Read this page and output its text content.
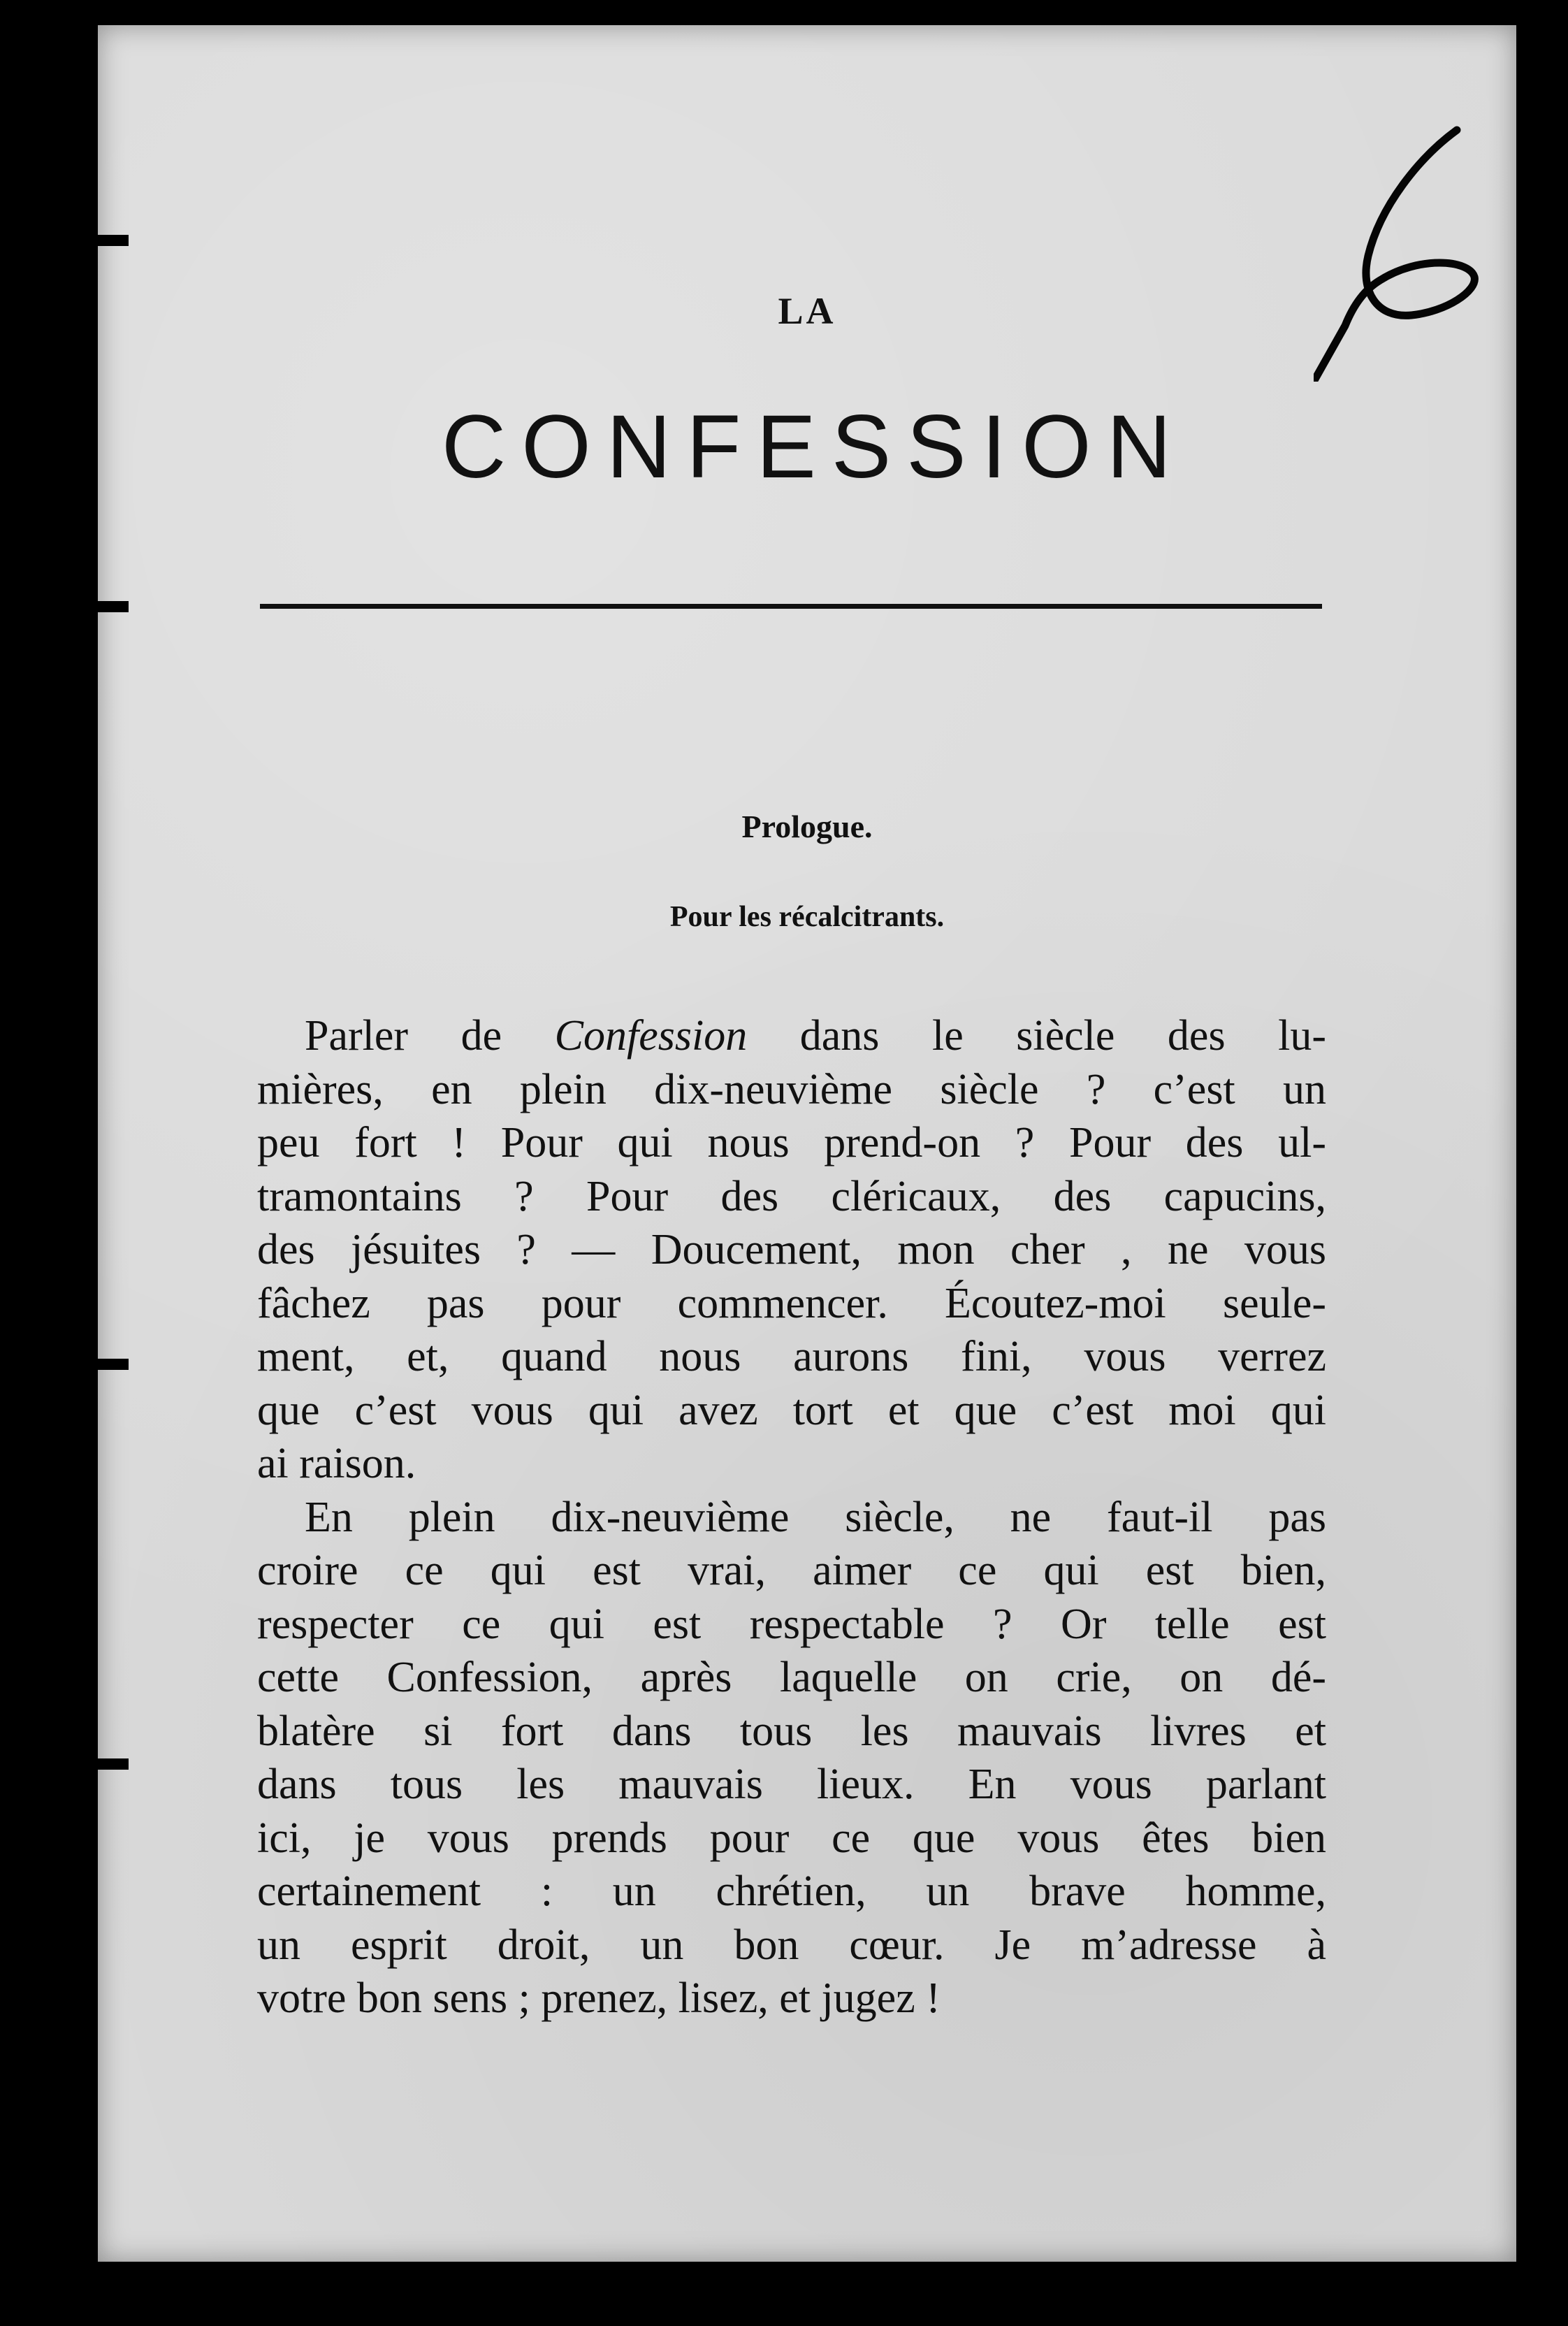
LA
CONFESSION
Prologue.
Pour les récalcitrants.
Parler de Confession dans le siècle des lu-
mières, en plein dix-neuvième siècle ? c’est un
peu fort ! Pour qui nous prend-on ? Pour des ul-
tramontains ? Pour des cléricaux, des capucins,
des jésuites ? — Doucement, mon cher , ne vous
fâchez pas pour commencer. Écoutez-moi seule-
ment, et, quand nous aurons fini, vous verrez
que c’est vous qui avez tort et que c’est moi qui
ai raison.
En plein dix-neuvième siècle, ne faut-il pas
croire ce qui est vrai, aimer ce qui est bien,
respecter ce qui est respectable ? Or telle est
cette Confession, après laquelle on crie, on dé-
blatère si fort dans tous les mauvais livres et
dans tous les mauvais lieux. En vous parlant
ici, je vous prends pour ce que vous êtes bien
certainement : un chrétien, un brave homme,
un esprit droit, un bon cœur. Je m’adresse à
votre bon sens ; prenez, lisez, et jugez !
